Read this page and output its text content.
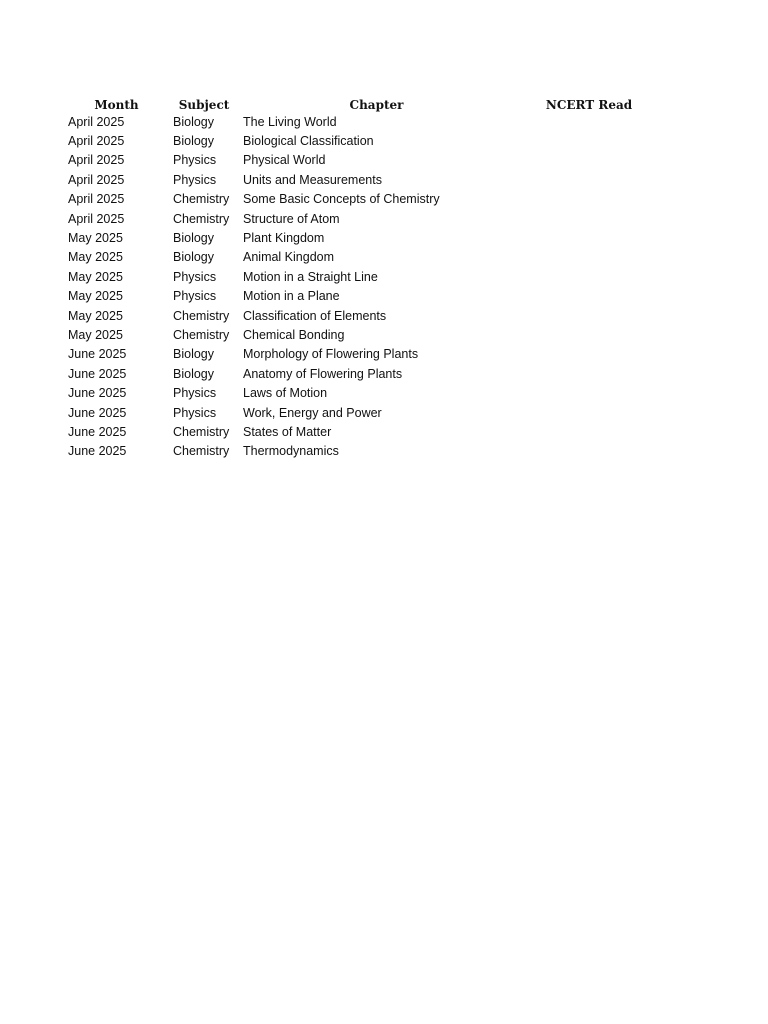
Month	Subject	Chapter	NCERT Read
April 2025	Biology	The Living World	
April 2025	Biology	Biological Classification	
April 2025	Physics	Physical World	
April 2025	Physics	Units and Measurements	
April 2025	Chemistry	Some Basic Concepts of Chemistry	
April 2025	Chemistry	Structure of Atom	
May 2025	Biology	Plant Kingdom	
May 2025	Biology	Animal Kingdom	
May 2025	Physics	Motion in a Straight Line	
May 2025	Physics	Motion in a Plane	
May 2025	Chemistry	Classification of Elements	
May 2025	Chemistry	Chemical Bonding	
June 2025	Biology	Morphology of Flowering Plants	
June 2025	Biology	Anatomy of Flowering Plants	
June 2025	Physics	Laws of Motion	
June 2025	Physics	Work, Energy and Power	
June 2025	Chemistry	States of Matter	
June 2025	Chemistry	Thermodynamics	
